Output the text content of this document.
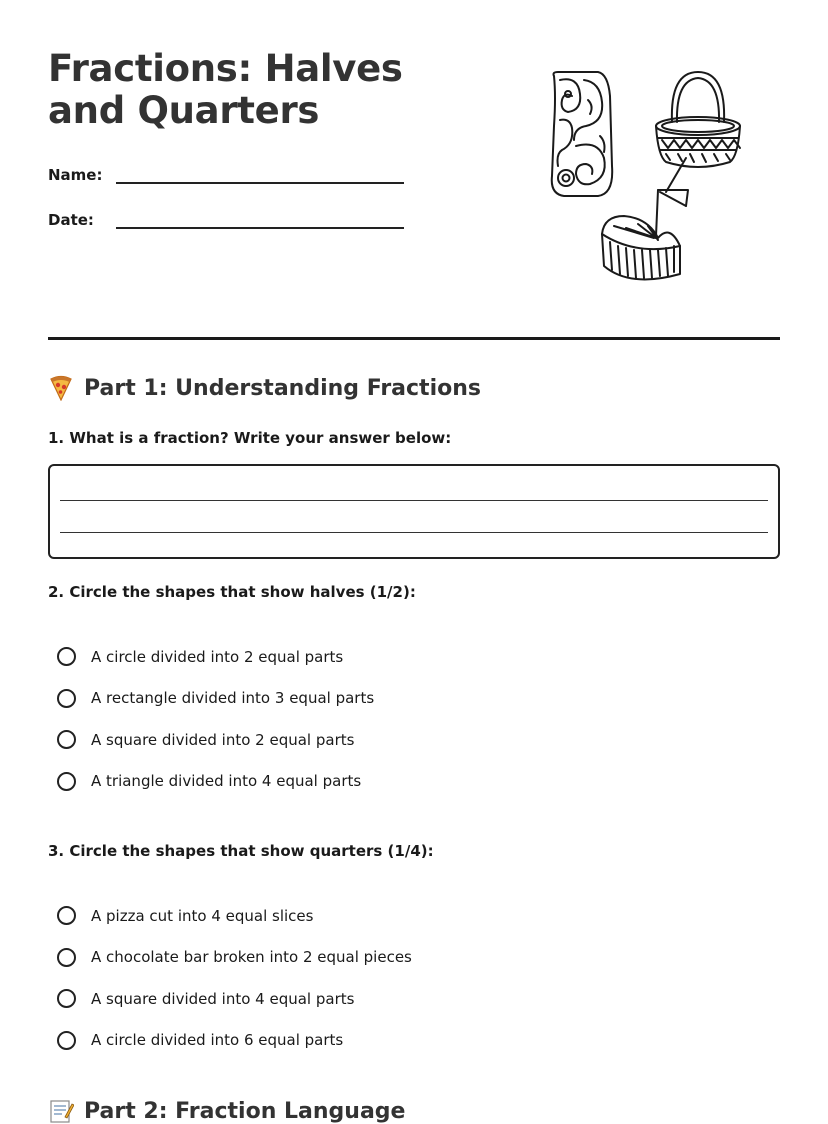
Fractions: Halves and Quarters
Name:
Date:
Part 1: Understanding Fractions

1. What is a fraction? Write your answer below:

2. Circle the shapes that show halves (1/2):

A circle divided into 2 equal parts
A rectangle divided into 3 equal parts
A square divided into 2 equal parts
A triangle divided into 4 equal parts

3. Circle the shapes that show quarters (1/4):

A pizza cut into 4 equal slices
A chocolate bar broken into 2 equal pieces
A square divided into 4 equal parts
A circle divided into 6 equal parts
Part 2: Fraction Language
